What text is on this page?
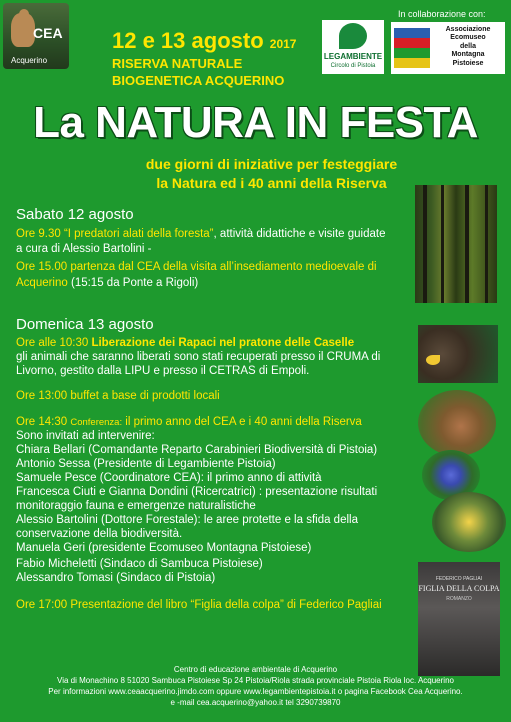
CEA
Acquerino
12 e 13 agosto 2017
RISERVA NATURALE
BIOGENETICA ACQUERINO
In collaborazione con:
LEGAMBIENTE
Circolo di Pistoia
Associazione
Ecomuseo
della
Montagna
Pistoiese
La NATURA IN FESTA
due giorni di iniziative per festeggiare
la Natura ed i 40 anni della Riserva
Sabato 12 agosto
Ore 9.30 “I predatori alati della foresta”, attività didattiche e visite guidate
a cura di Alessio Bartolini -
Ore 15.00 partenza dal CEA della visita all’insediamento medioevale di
Acquerino (15:15 da Ponte a Rigoli)
Domenica 13 agosto
Ore alle 10:30 Liberazione dei Rapaci nel pratone delle Caselle
gli animali che saranno liberati sono stati recuperati presso il CRUMA di
Livorno, gestito dalla LIPU e presso il CETRAS di Empoli.
Ore 13:00 buffet a base di prodotti locali
Ore 14:30 Conferenza: il primo anno del CEA e i 40 anni della Riserva
Sono invitati ad intervenire:
Chiara Bellari (Comandante Reparto Carabinieri Biodiversità di Pistoia)
Antonio Sessa (Presidente di Legambiente Pistoia)
Samuele Pesce (Coordinatore CEA): il primo anno di attività
Francesca Ciuti e Gianna Dondini (Ricercatrici) : presentazione risultati
monitoraggio fauna e emergenze naturalistiche
Alessio Bartolini (Dottore Forestale): le aree protette e la sfida della
conservazione della biodiversità.
Manuela Geri (presidente Ecomuseo Montagna Pistoiese)
Fabio Micheletti (Sindaco di Sambuca Pistoiese)
Alessandro Tomasi (Sindaco di Pistoia)
Ore 17:00 Presentazione del libro “Figlia della colpa” di Federico Pagliai
FEDERICO PAGLIAI
FIGLIA DELLA COLPA
ROMANZO
Centro di educazione ambientale di Acquerino
Via di Monachino 8 51020 Sambuca Pistoiese Sp 24 Pistoia/Riola strada provinciale Pistoia Riola loc. Acquerino
Per informazioni www.ceaacquerino.jimdo.com oppure www.legambientepistoia.it o pagina Facebook Cea Acquerino.
e -mail cea.acquerino@yahoo.it tel 3290739870
